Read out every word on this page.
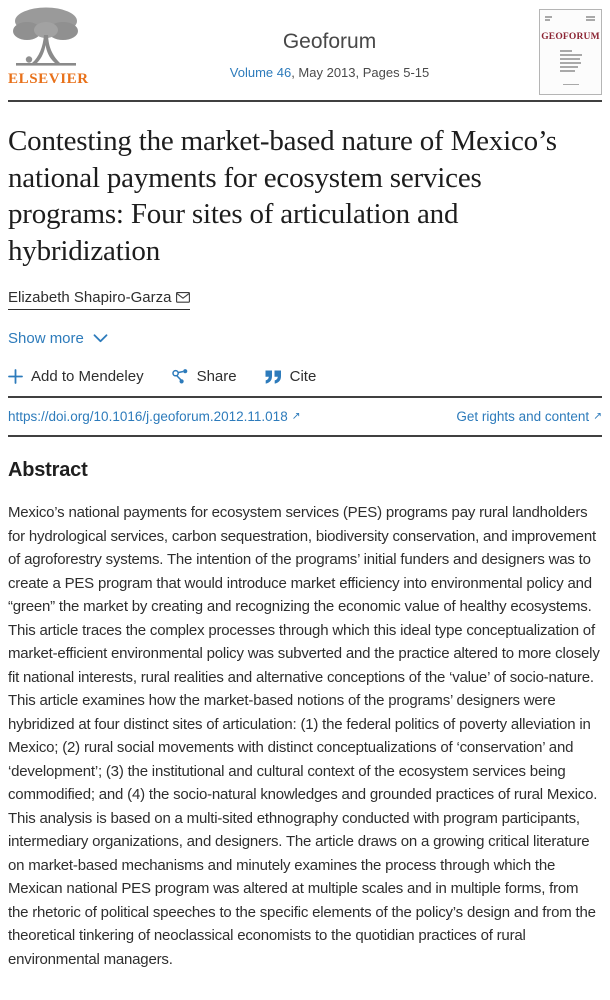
ELSEVIER
Geoforum
Volume 46, May 2013, Pages 5-15
GEOFORUM
Contesting the market-based nature of Mexico’s national payments for ecosystem services programs: Four sites of articulation and hybridization
Elizabeth Shapiro-Garza
Show more
Add to Mendeley	Share	Cite
https://doi.org/10.1016/j.geoforum.2012.11.018 ↗	Get rights and content ↗
Abstract

Mexico’s national payments for ecosystem services (PES) programs pay rural landholders for hydrological services, carbon sequestration, biodiversity conservation, and improvement of agroforestry systems. The intention of the programs’ initial funders and designers was to create a PES program that would introduce market efficiency into environmental policy and “green” the market by creating and recognizing the economic value of healthy ecosystems. This article traces the complex processes through which this ideal type conceptualization of market-efficient environmental policy was subverted and the practice altered to more closely fit national interests, rural realities and alternative conceptions of the ‘value’ of socio-nature. This article examines how the market-based notions of the programs’ designers were hybridized at four distinct sites of articulation: (1) the federal politics of poverty alleviation in Mexico; (2) rural social movements with distinct conceptualizations of ‘conservation’ and ‘development’; (3) the institutional and cultural context of the ecosystem services being commodified; and (4) the socio-natural knowledges and grounded practices of rural Mexico. This analysis is based on a multi-sited ethnography conducted with program participants, intermediary organizations, and designers. The article draws on a growing critical literature on market-based mechanisms and minutely examines the process through which the Mexican national PES program was altered at multiple scales and in multiple forms, from the rhetoric of political speeches to the specific elements of the policy’s design and from the theoretical tinkering of neoclassical economists to the quotidian practices of rural environmental managers.
